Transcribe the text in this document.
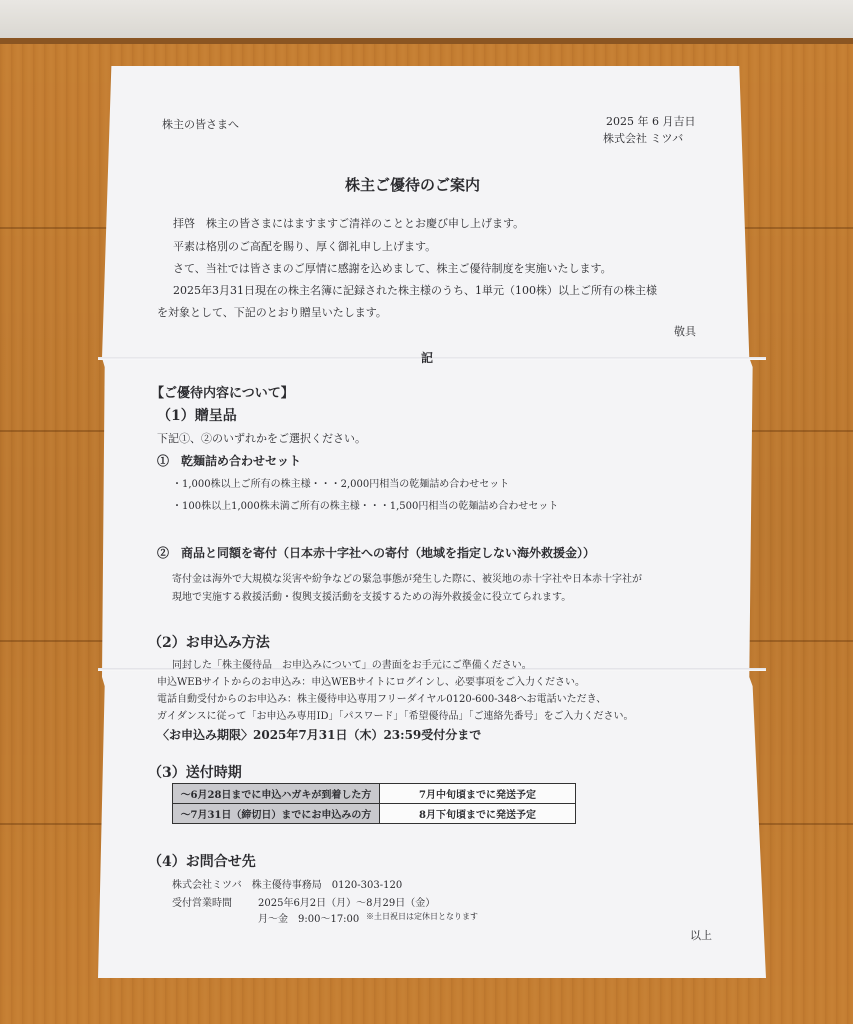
株主の皆さまへ	2025 年 6 月吉日
株式会社 ミツバ
株主ご優待のご案内
拝啓　株主の皆さまにはますますご清祥のこととお慶び申し上げます。
平素は格別のご高配を賜り、厚く御礼申し上げます。
さて、当社では皆さまのご厚情に感謝を込めまして、株主ご優待制度を実施いたします。
2025年3月31日現在の株主名簿に記録された株主様のうち、1単元（100株）以上ご所有の株主様
を対象として、下記のとおり贈呈いたします。
敬具
記
【ご優待内容について】
（1）贈呈品
下記①、②のいずれかをご選択ください。
①　乾麺詰め合わせセット
・1,000株以上ご所有の株主様・・・2,000円相当の乾麺詰め合わせセット
・100株以上1,000株未満ご所有の株主様・・・1,500円相当の乾麺詰め合わせセット
②　商品と同額を寄付（日本赤十字社への寄付（地域を指定しない海外救援金））
寄付金は海外で大規模な災害や紛争などの緊急事態が発生した際に、被災地の赤十字社や日本赤十字社が
現地で実施する救援活動・復興支援活動を支援するための海外救援金に役立てられます。
（2）お申込み方法
同封した「株主優待品　お申込みについて」の書面をお手元にご準備ください。
申込WEBサイトからのお申込み：申込WEBサイトにログインし、必要事項をご入力ください。
電話自動受付からのお申込み：株主優待申込専用フリーダイヤル0120-600-348へお電話いただき、
ガイダンスに従って「お申込み専用ID」「パスワード」「希望優待品」「ご連絡先番号」をご入力ください。
〈お申込み期限〉2025年7月31日（木）23:59受付分まで
（3）送付時期
～6月28日までに申込ハガキが到着した方	7月中旬頃までに発送予定
～7月31日（締切日）までにお申込みの方	8月下旬頃までに発送予定
（4）お問合せ先
株式会社ミツバ　株主優待事務局　0120-303-120
受付営業時間	2025年6月2日（月）～8月29日（金）
月～金　9:00～17:00 ※土日祝日は定休日となります
以上
